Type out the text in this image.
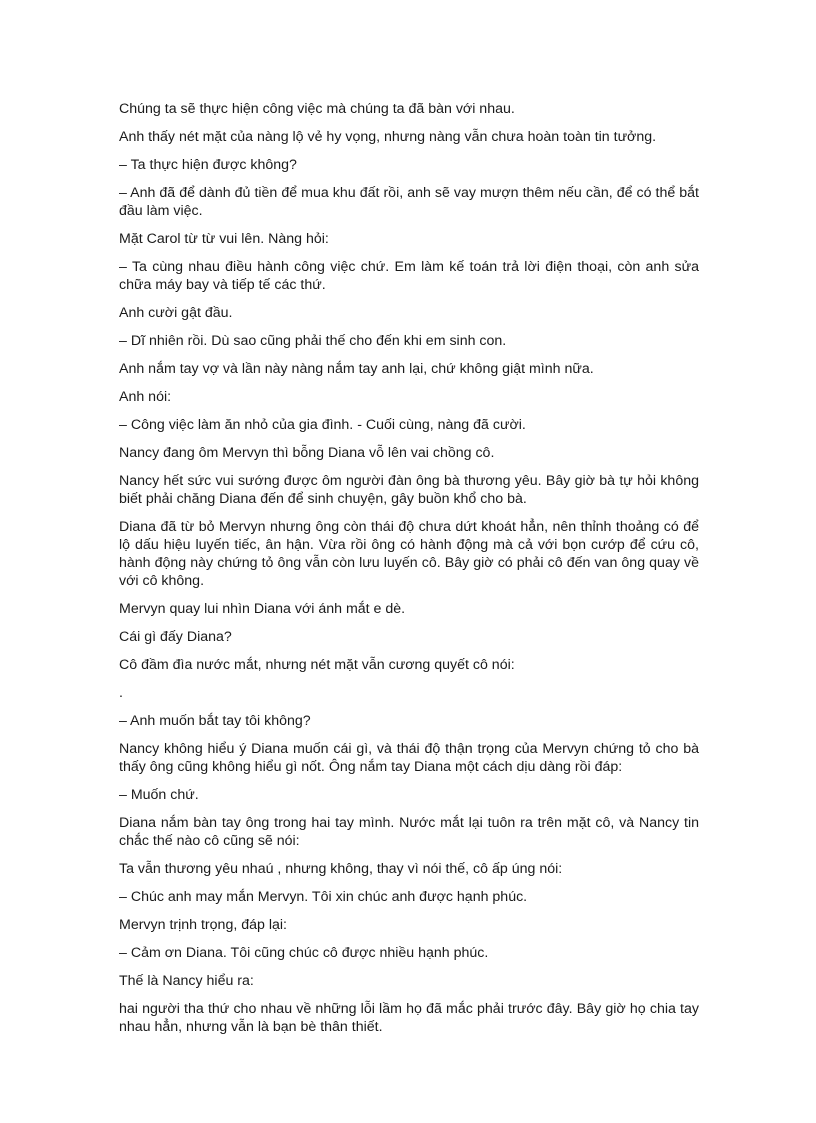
Chúng ta sẽ thực hiện công việc mà chúng ta đã bàn với nhau.

Anh thấy nét mặt của nàng lộ vẻ hy vọng, nhưng nàng vẫn chưa hoàn toàn tin tưởng.

– Ta thực hiện được không?

– Anh đã để dành đủ tiền để mua khu đất rồi, anh sẽ vay mượn thêm nếu cần, để có thể bắt đầu làm việc.

Mặt Carol từ từ vui lên. Nàng hỏi:

– Ta cùng nhau điều hành công việc chứ. Em làm kế toán trả lời điện thoại, còn anh sửa chữa máy bay và tiếp tế các thứ.

Anh cười gật đầu.

– Dĩ nhiên rồi. Dù sao cũng phải thế cho đến khi em sinh con.

Anh nắm tay vợ và lần này nàng nắm tay anh lại, chứ không giật mình nữa.

Anh nói:

– Công việc làm ăn nhỏ của gia đình. - Cuối cùng, nàng đã cười.

Nancy đang ôm Mervyn thì bỗng Diana vỗ lên vai chồng cô.

Nancy hết sức vui sướng được ôm người đàn ông bà thương yêu. Bây giờ bà tự hỏi không biết phải chăng Diana đến để sinh chuyện, gây buồn khổ cho bà.

Diana đã từ bỏ Mervyn nhưng ông còn thái độ chưa dứt khoát hẳn, nên thỉnh thoảng có để lộ dấu hiệu luyến tiếc, ân hận. Vừa rồi ông có hành động mà cả với bọn cướp để cứu cô, hành động này chứng tỏ ông vẫn còn lưu luyến cô. Bây giờ có phải cô đến van ông quay về với cô không.

Mervyn quay lui nhìn Diana với ánh mắt e dè.

Cái gì đấy Diana?

Cô đầm đìa nước mắt, nhưng nét mặt vẫn cương quyết cô nói:

.

– Anh muốn bắt tay tôi không?

Nancy không hiểu ý Diana muốn cái gì, và thái độ thận trọng của Mervyn chứng tỏ cho bà thấy ông cũng không hiểu gì nốt. Ông nắm tay Diana một cách dịu dàng rồi đáp:

– Muốn chứ.

Diana nắm bàn tay ông trong hai tay mình. Nước mắt lại tuôn ra trên mặt cô, và Nancy tin chắc thế nào cô cũng sẽ nói:

Ta vẫn thương yêu nhaú , nhưng không, thay vì nói thế, cô ấp úng nói:

– Chúc anh may mắn Mervyn. Tôi xin chúc anh được hạnh phúc.

Mervyn trịnh trọng, đáp lại:

– Cảm ơn Diana. Tôi cũng chúc cô được nhiều hạnh phúc.

Thế là Nancy hiểu ra:

hai người tha thứ cho nhau về những lỗi lầm họ đã mắc phải trước đây. Bây giờ họ chia tay nhau hẳn, nhưng vẫn là bạn bè thân thiết.
